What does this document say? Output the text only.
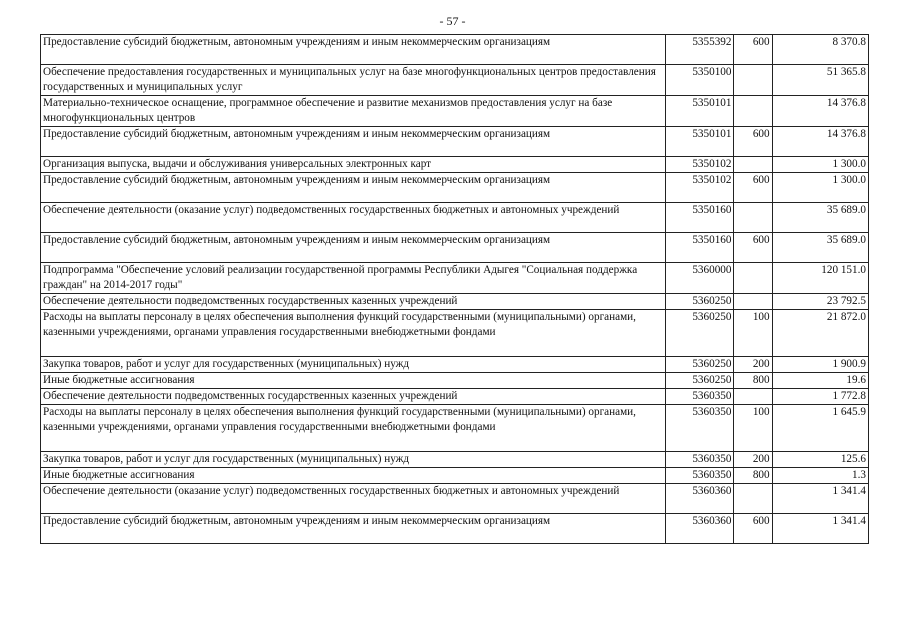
- 57 -
Предоставление субсидий бюджетным, автономным учреждениям и иным некоммерческим организациям	5355392	600	8 370.8
Обеспечение предоставления государственных и муниципальных услуг на базе многофункциональных центров предоставления государственных и муниципальных услуг	5350100		51 365.8
Материально-техническое оснащение, программное обеспечение и развитие механизмов предоставления услуг на базе многофункциональных центров	5350101		14 376.8
Предоставление субсидий бюджетным, автономным учреждениям и иным некоммерческим организациям	5350101	600	14 376.8
Организация выпуска, выдачи и обслуживания универсальных электронных карт	5350102		1 300.0
Предоставление субсидий бюджетным, автономным учреждениям и иным некоммерческим организациям	5350102	600	1 300.0
Обеспечение деятельности (оказание услуг) подведомственных государственных бюджетных и автономных учреждений	5350160		35 689.0
Предоставление субсидий бюджетным, автономным учреждениям и иным некоммерческим организациям	5350160	600	35 689.0
Подпрограмма "Обеспечение условий реализации государственной программы Республики Адыгея "Социальная поддержка граждан" на 2014-2017 годы"	5360000		120 151.0
Обеспечение деятельности подведомственных государственных казенных учреждений	5360250		23 792.5
Расходы на выплаты персоналу в целях обеспечения выполнения функций государственными (муниципальными) органами, казенными учреждениями, органами управления государственными внебюджетными фондами	5360250	100	21 872.0
Закупка товаров, работ и услуг для государственных (муниципальных) нужд	5360250	200	1 900.9
Иные бюджетные ассигнования	5360250	800	19.6
Обеспечение деятельности подведомственных государственных казенных учреждений	5360350		1 772.8
Расходы на выплаты персоналу в целях обеспечения выполнения функций государственными (муниципальными) органами, казенными учреждениями, органами управления государственными внебюджетными фондами	5360350	100	1 645.9
Закупка товаров, работ и услуг для государственных (муниципальных) нужд	5360350	200	125.6
Иные бюджетные ассигнования	5360350	800	1.3
Обеспечение деятельности (оказание услуг) подведомственных государственных бюджетных и автономных учреждений	5360360		1 341.4
Предоставление субсидий бюджетным, автономным учреждениям и иным некоммерческим организациям	5360360	600	1 341.4
